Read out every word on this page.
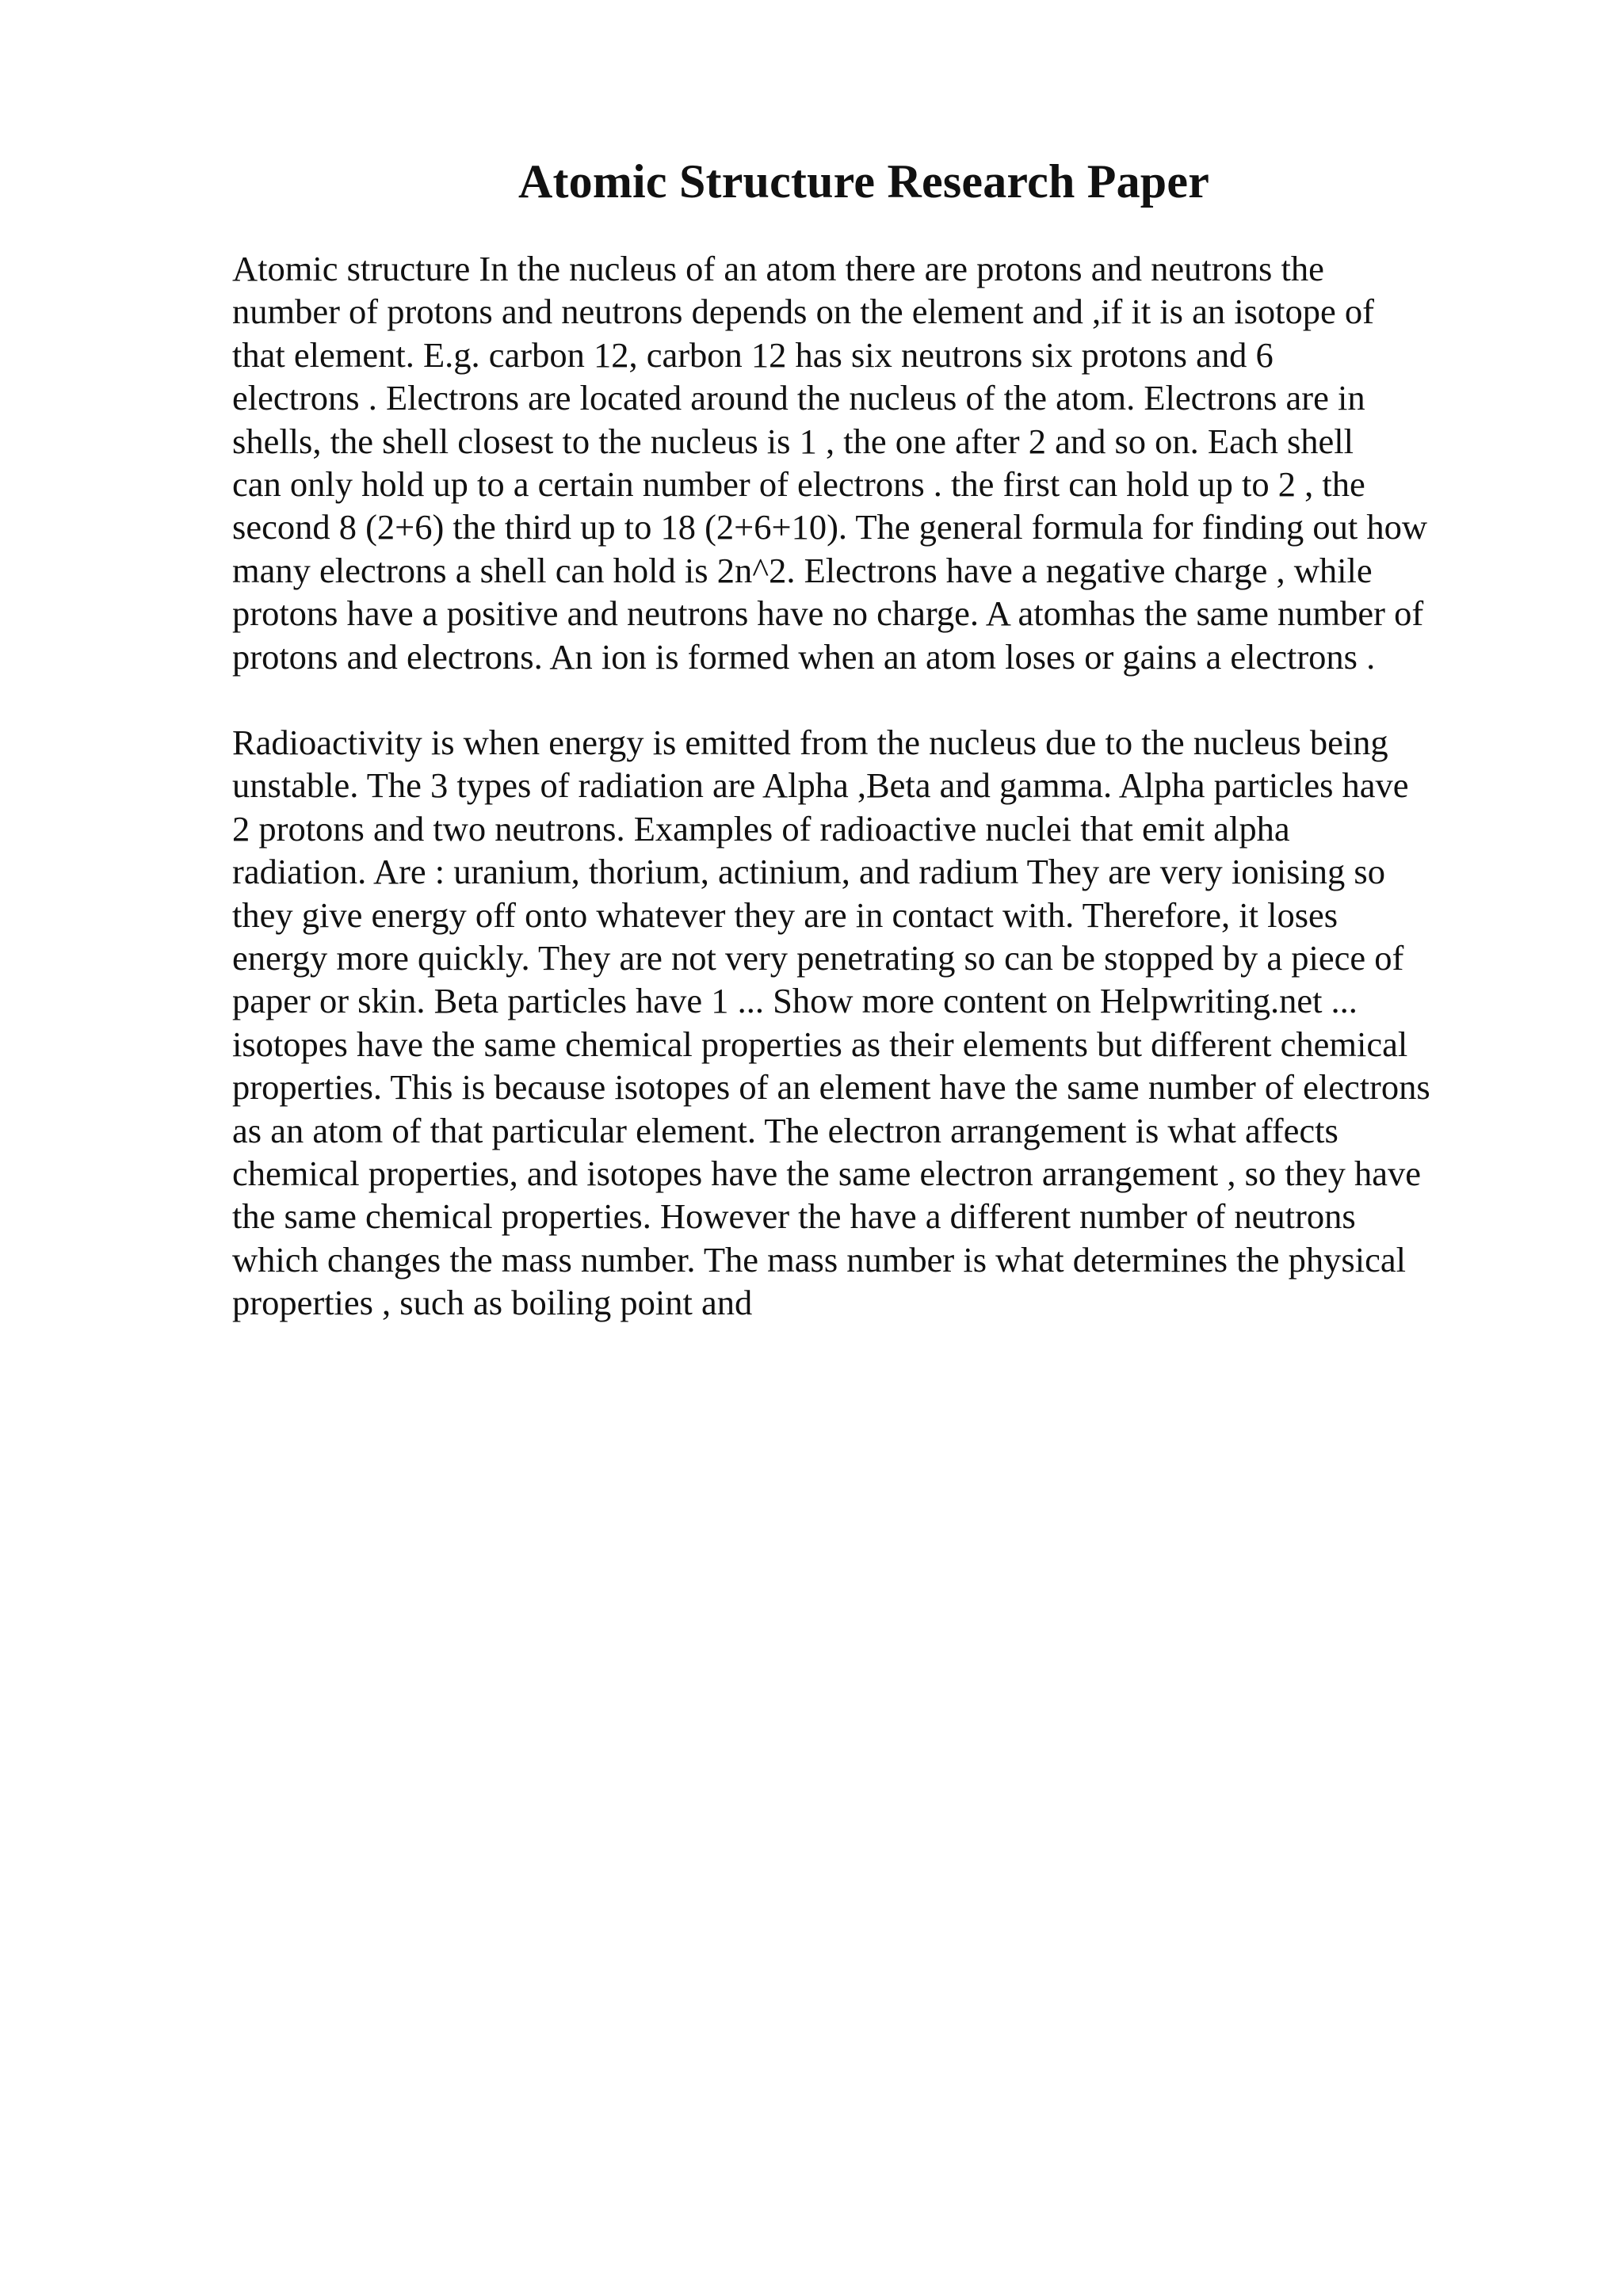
Atomic Structure Research Paper

Atomic structure In the nucleus of an atom there are protons and neutrons the
number of protons and neutrons depends on the element and ,if it is an isotope of
that element. E.g. carbon 12, carbon 12 has six neutrons six protons and 6
electrons . Electrons are located around the nucleus of the atom. Electrons are in
shells, the shell closest to the nucleus is 1 , the one after 2 and so on. Each shell
can only hold up to a certain number of electrons . the first can hold up to 2 , the
second 8 (2+6) the third up to 18 (2+6+10). The general formula for finding out how
many electrons a shell can hold is 2n^2. Electrons have a negative charge , while
protons have a positive and neutrons have no charge. A atomhas the same number of
protons and electrons. An ion is formed when an atom loses or gains a electrons .

Radioactivity is when energy is emitted from the nucleus due to the nucleus being
unstable. The 3 types of radiation are Alpha ,Beta and gamma. Alpha particles have
2 protons and two neutrons. Examples of radioactive nuclei that emit alpha
radiation. Are : uranium, thorium, actinium, and radium They are very ionising so
they give energy off onto whatever they are in contact with. Therefore, it loses
energy more quickly. They are not very penetrating so can be stopped by a piece of
paper or skin. Beta particles have 1 ... Show more content on Helpwriting.net ...
isotopes have the same chemical properties as their elements but different chemical
properties. This is because isotopes of an element have the same number of electrons
as an atom of that particular element. The electron arrangement is what affects
chemical properties, and isotopes have the same electron arrangement , so they have
the same chemical properties. However the have a different number of neutrons
which changes the mass number. The mass number is what determines the physical
properties , such as boiling point and
